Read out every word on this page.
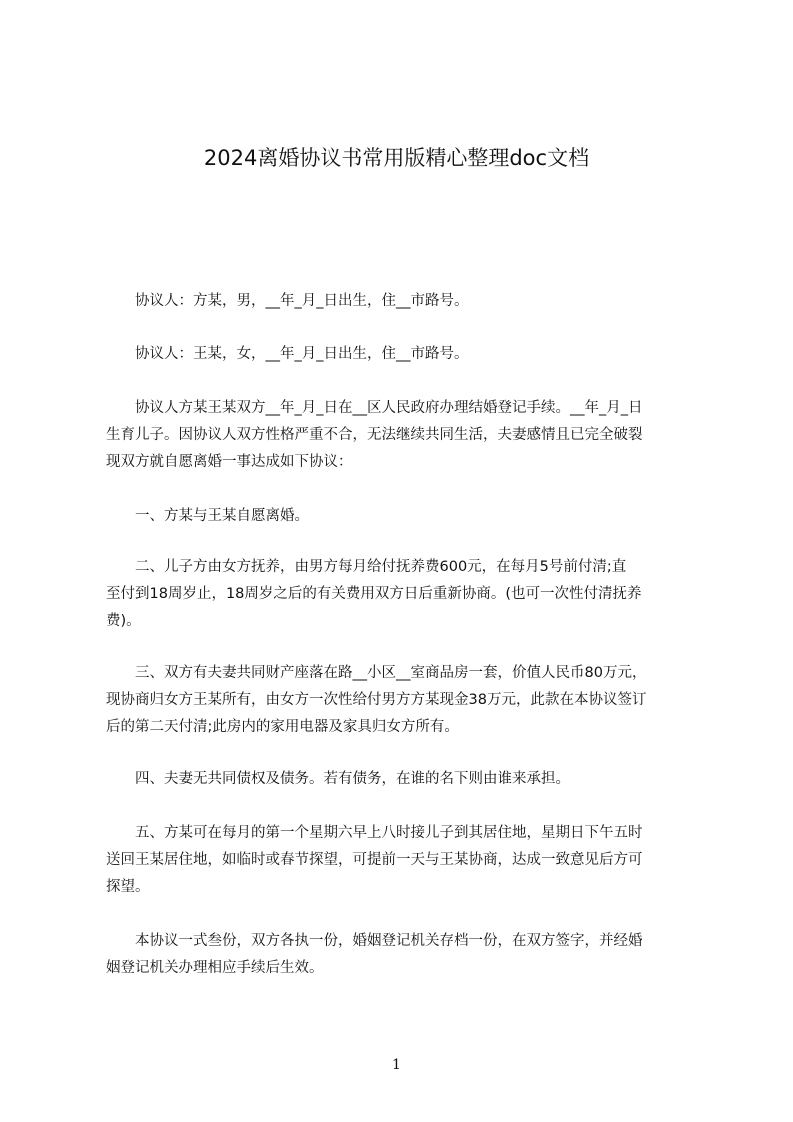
2024离婚协议书常用版精心整理doc文档

　　协议人：方某，男，__年_月_日出生，住__市路号。

　　协议人：王某，女，__年_月_日出生，住__市路号。

　　协议人方某王某双方__年_月_日在__区人民政府办理结婚登记手续。__年_月_日
生育儿子。因协议人双方性格严重不合，无法继续共同生活，夫妻感情且已完全破裂
现双方就自愿离婚一事达成如下协议：

　　一、方某与王某自愿离婚。

　　二、儿子方由女方抚养，由男方每月给付抚养费600元，在每月5号前付清;直
至付到18周岁止，18周岁之后的有关费用双方日后重新协商。(也可一次性付清抚养
费)。

　　三、双方有夫妻共同财产座落在路__小区__室商品房一套，价值人民币80万元，
现协商归女方王某所有，由女方一次性给付男方方某现金38万元，此款在本协议签订
后的第二天付清;此房内的家用电器及家具归女方所有。

　　四、夫妻无共同债权及债务。若有债务，在谁的名下则由谁来承担。

　　五、方某可在每月的第一个星期六早上八时接儿子到其居住地，星期日下午五时
送回王某居住地，如临时或春节探望，可提前一天与王某协商，达成一致意见后方可
探望。

　　本协议一式叁份，双方各执一份，婚姻登记机关存档一份，在双方签字，并经婚
姻登记机关办理相应手续后生效。

1
